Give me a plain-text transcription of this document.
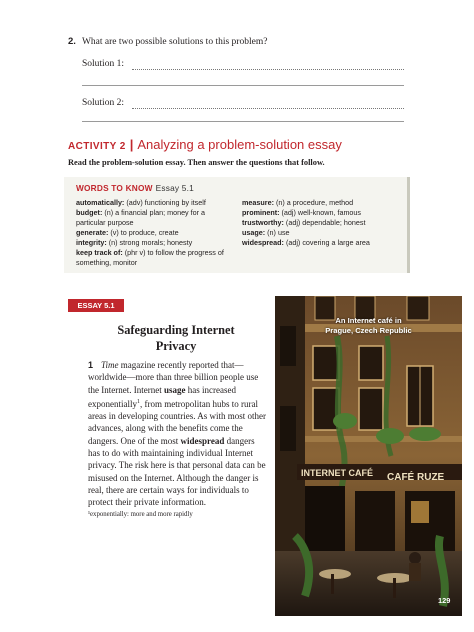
2. What are two possible solutions to this problem?
Solution 1:
Solution 2:
ACTIVITY 2 | Analyzing a problem-solution essay
Read the problem-solution essay. Then answer the questions that follow.
WORDS TO KNOW Essay 5.1
automatically: (adv) functioning by itself
budget: (n) a financial plan; money for a particular purpose
generate: (v) to produce, create
integrity: (n) strong morals; honesty
keep track of: (phr v) to follow the progress of something, monitor
measure: (n) a procedure, method
prominent: (adj) well-known, famous
trustworthy: (adj) dependable; honest
usage: (n) use
widespread: (adj) covering a large area
ESSAY 5.1
Safeguarding Internet
Privacy
1 Time magazine recently reported that—worldwide—more than three billion people use the Internet. Internet usage has increased exponentially$^1$, from metropolitan hubs to rural areas in developing countries. As with most other advances, along with the benefits come the dangers. One of the most widespread dangers has to do with maintaining individual Internet privacy. The risk here is that personal data can be misused on the Internet. Although the danger is real, there are certain ways for individuals to protect their private information.
¹exponentially: more and more rapidly
INTERNET CAFÉ CAFÉ RUZE
An Internet café in
Prague, Czech Republic
129
